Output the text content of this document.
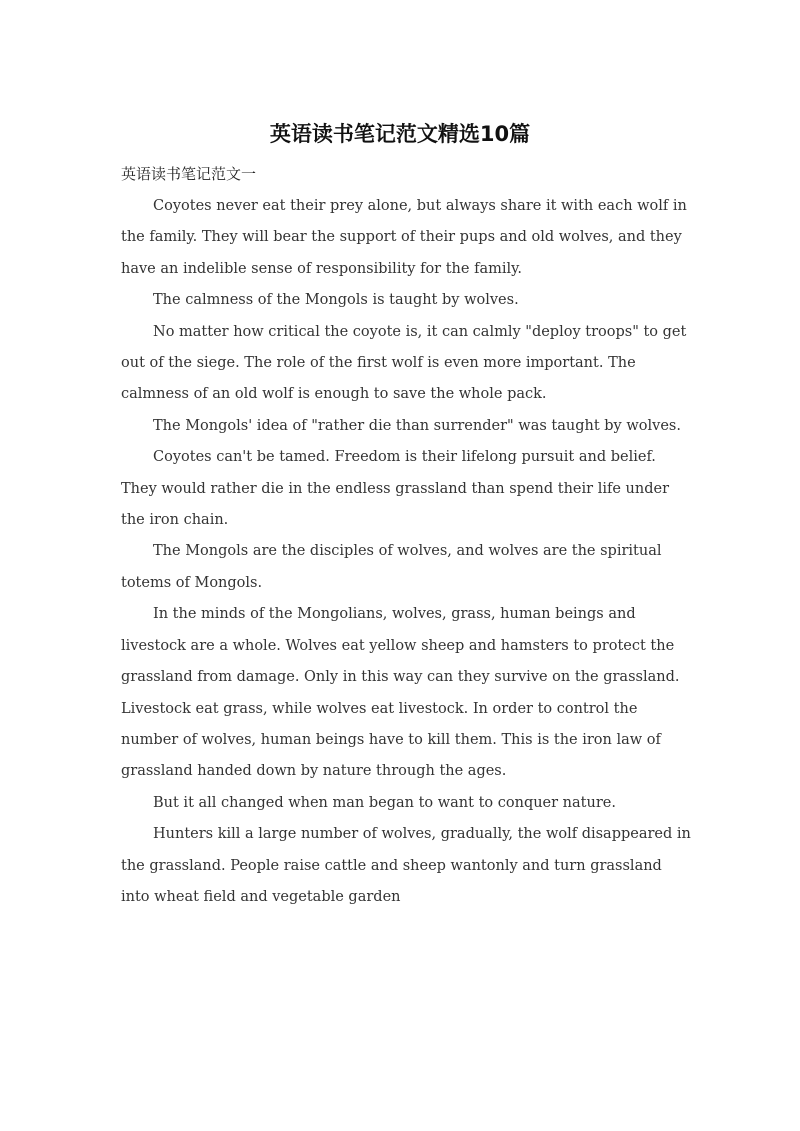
英语读书笔记范文精选10篇
英语读书笔记范文一

Coyotes never eat their prey alone, but always share it with each wolf in the family. They will bear the support of their pups and old wolves, and they have an indelible sense of responsibility for the family.

The calmness of the Mongols is taught by wolves.

No matter how critical the coyote is, it can calmly "deploy troops" to get out of the siege. The role of the first wolf is even more important. The calmness of an old wolf is enough to save the whole pack.

The Mongols' idea of "rather die than surrender" was taught by wolves.

Coyotes can't be tamed. Freedom is their lifelong pursuit and belief. They would rather die in the endless grassland than spend their life under the iron chain.

The Mongols are the disciples of wolves, and wolves are the spiritual totems of Mongols.

In the minds of the Mongolians, wolves, grass, human beings and livestock are a whole. Wolves eat yellow sheep and hamsters to protect the grassland from damage. Only in this way can they survive on the grassland. Livestock eat grass, while wolves eat livestock. In order to control the number of wolves, human beings have to kill them. This is the iron law of grassland handed down by nature through the ages.

But it all changed when man began to want to conquer nature.

Hunters kill a large number of wolves, gradually, the wolf disappeared in the grassland. People raise cattle and sheep wantonly and turn grassland into wheat field and vegetable garden
